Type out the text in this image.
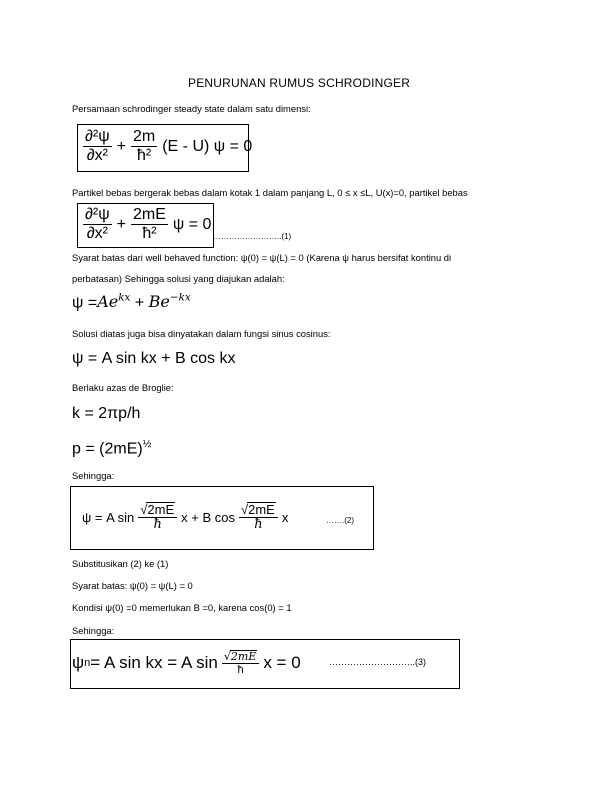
PENURUNAN RUMUS SCHRODINGER
Persamaan schrodinger steady state dalam satu dimensi:
$\frac{\text{∂²ψ}}{\text{∂x²}} + \frac{2m}{\text{ħ²}} (E - U) \psi = 0$
Partikel bebas bergerak bebas dalam kotak 1 dalam panjang L, 0 ≤ x ≤L, U(x)=0, partikel bebas
$\frac{\text{∂²ψ}}{\text{∂x²}} + \frac{2mE}{\text{ħ²}}$ ψ = 0
……………………..(1)
Syarat batas dari well behaved function: ψ(0) = ψ(L) = 0 (Karena ψ harus bersifat kontinu di
perbatasan) Sehingga solusi yang diajukan adalah:
$\psi =Ae^{kx} + Be^{-kx}$
Solusi diatas juga bisa dinyatakan dalam fungsi sinus cosinus:
ψ = A sin kx + B cos kx
Berlaku azas de Broglie:
k = 2πp/h
$p = (2mE)^{\frac{1}{2}}$
Sehingga:
ψ = A $\sin \frac{√2mE}{ħ}$ x + B $\cos \frac{√2mE}{ħ}$ x	…….(2)
Substitusikan (2) ke (1)
Syarat batas: ψ(0) = ψ(L) = 0
Kondisi ψ(0) =0 memerlukan B =0, karena cos(0) = 1
Sehingga:
ψ n = A sin kx = A $\sin \frac{√2mE}{ħ}$ x = 0	………………………..(3)
